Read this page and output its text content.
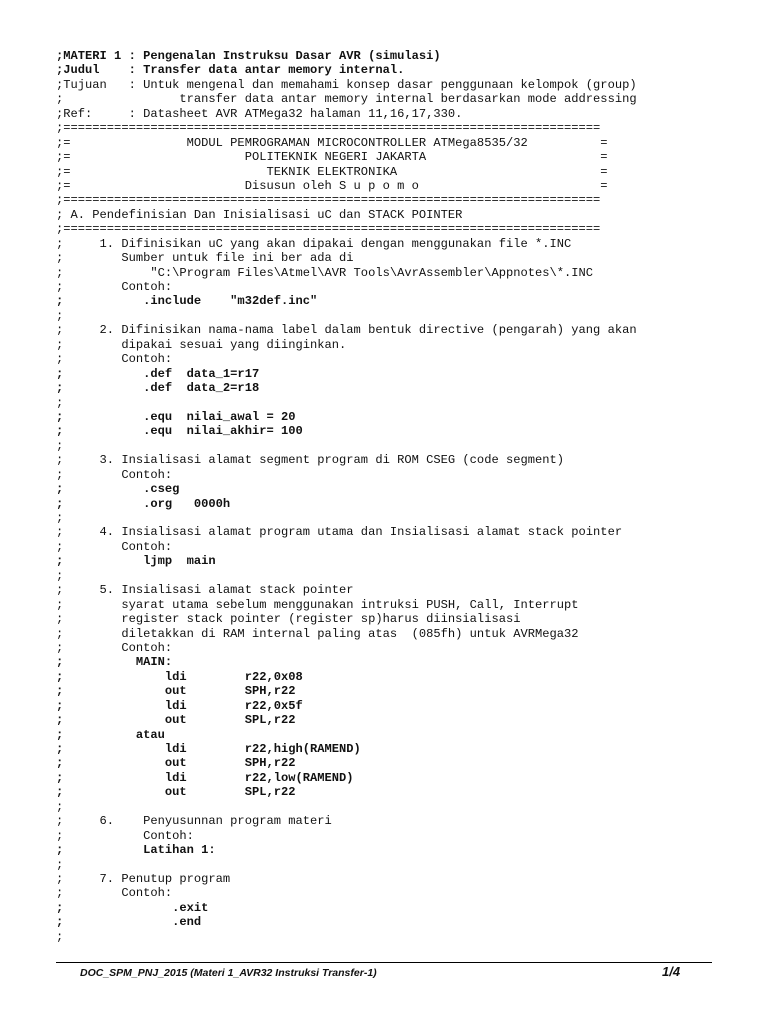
;MATERI 1 : Pengenalan Instruksu Dasar AVR (simulasi)
;Judul    : Transfer data antar memory internal.
;Tujuan   : Untuk mengenal dan memahami konsep dasar penggunaan kelompok (group)
;                transfer data antar memory internal berdasarkan mode addressing
;Ref:     : Datasheet AVR ATMega32 halaman 11,16,17,330.
;==========================================================================
;=                MODUL PEMROGRAMAN MICROCONTROLLER ATMega8535/32          =
;=                        POLITEKNIK NEGERI JAKARTA                        =
;=                           TEKNIK ELEKTRONIKA                            =
;=                        Disusun oleh S u p o m o                         =
;==========================================================================
; A. Pendefinisian Dan Inisialisasi uC dan STACK POINTER
;==========================================================================
;     1. Difinisikan uC yang akan dipakai dengan menggunakan file *.INC
;        Sumber untuk file ini ber ada di
;            "C:\Program Files\Atmel\AVR Tools\AvrAssembler\Appnotes\*.INC
;        Contoh:
;           .include    "m32def.inc"
;
;     2. Difinisikan nama-nama label dalam bentuk directive (pengarah) yang akan
;        dipakai sesuai yang diinginkan.
;        Contoh:
;           .def  data_1=r17
;           .def  data_2=r18
;
;           .equ  nilai_awal = 20
;           .equ  nilai_akhir= 100
;
;     3. Insialisasi alamat segment program di ROM CSEG (code segment)
;        Contoh:
;           .cseg
;           .org   0000h
;
;     4. Insialisasi alamat program utama dan Insialisasi alamat stack pointer
;        Contoh:
;           ljmp  main
;
;     5. Insialisasi alamat stack pointer
;        syarat utama sebelum menggunakan intruksi PUSH, Call, Interrupt
;        register stack pointer (register sp)harus diinsialisasi
;        diletakkan di RAM internal paling atas  (085fh) untuk AVRMega32
;        Contoh:
;          MAIN:
;              ldi        r22,0x08
;              out        SPH,r22
;              ldi        r22,0x5f
;              out        SPL,r22
;          atau
;              ldi        r22,high(RAMEND)
;              out        SPH,r22
;              ldi        r22,low(RAMEND)
;              out        SPL,r22
;
;     6.    Penyusunnan program materi
;           Contoh:
;           Latihan 1:
;
;     7. Penutup program
;        Contoh:
;               .exit
;               .end
;
DOC_SPM_PNJ_2015 (Materi 1_AVR32 Instruksi Transfer-1)	1/4
